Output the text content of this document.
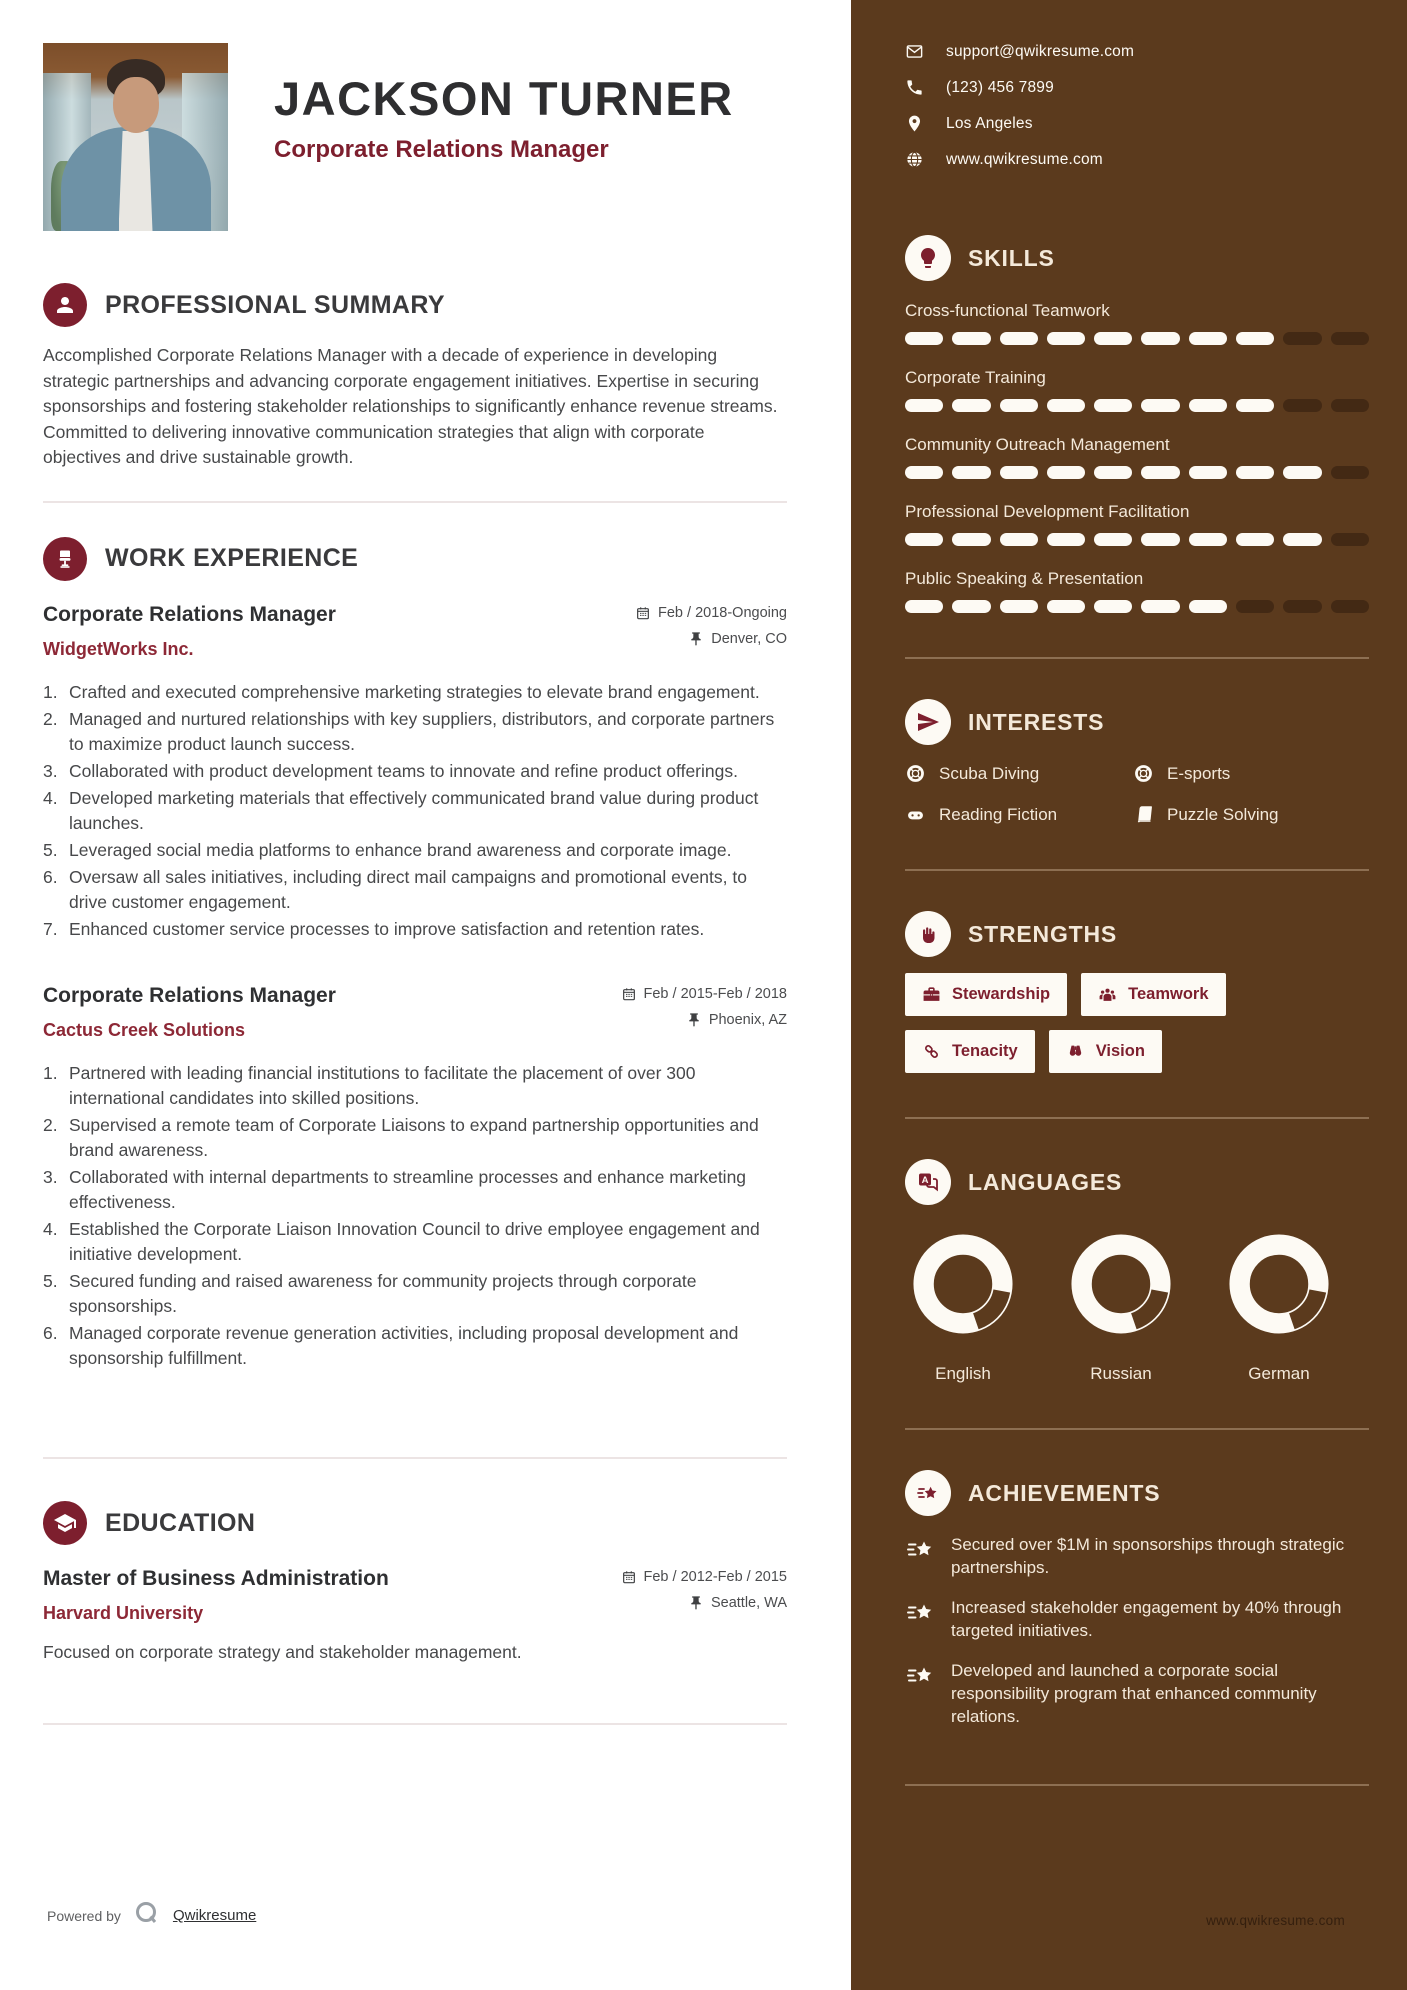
JACKSON TURNER
Corporate Relations Manager
PROFESSIONAL SUMMARY
Accomplished Corporate Relations Manager with a decade of experience in developing strategic partnerships and advancing corporate engagement initiatives. Expertise in securing sponsorships and fostering stakeholder relationships to significantly enhance revenue streams. Committed to delivering innovative communication strategies that align with corporate objectives and drive sustainable growth.
WORK EXPERIENCE
Corporate Relations Manager
WidgetWorks Inc.
Feb / 2018-Ongoing
Denver, CO
1. Crafted and executed comprehensive marketing strategies to elevate brand engagement.
2. Managed and nurtured relationships with key suppliers, distributors, and corporate partners to maximize product launch success.
3. Collaborated with product development teams to innovate and refine product offerings.
4. Developed marketing materials that effectively communicated brand value during product launches.
5. Leveraged social media platforms to enhance brand awareness and corporate image.
6. Oversaw all sales initiatives, including direct mail campaigns and promotional events, to drive customer engagement.
7. Enhanced customer service processes to improve satisfaction and retention rates.
Corporate Relations Manager
Cactus Creek Solutions
Feb / 2015-Feb / 2018
Phoenix, AZ
1. Partnered with leading financial institutions to facilitate the placement of over 300 international candidates into skilled positions.
2. Supervised a remote team of Corporate Liaisons to expand partnership opportunities and brand awareness.
3. Collaborated with internal departments to streamline processes and enhance marketing effectiveness.
4. Established the Corporate Liaison Innovation Council to drive employee engagement and initiative development.
5. Secured funding and raised awareness for community projects through corporate sponsorships.
6. Managed corporate revenue generation activities, including proposal development and sponsorship fulfillment.
EDUCATION
Master of Business Administration
Harvard University
Feb / 2012-Feb / 2015
Seattle, WA
Focused on corporate strategy and stakeholder management.
Powered by	Qwikresume
support@qwikresume.com
(123) 456 7899
Los Angeles
www.qwikresume.com
SKILLS
Cross-functional Teamwork
Corporate Training
Community Outreach Management
Professional Development Facilitation
Public Speaking & Presentation
INTERESTS
Scuba Diving	E-sports
Reading Fiction	Puzzle Solving
STRENGTHS
Stewardship	Teamwork
Tenacity	Vision
A LANGUAGES
English	Russian	German
ACHIEVEMENTS
Secured over $1M in sponsorships through strategic partnerships.
Increased stakeholder engagement by 40% through targeted initiatives.
Developed and launched a corporate social responsibility program that enhanced community relations.
www.qwikresume.com
